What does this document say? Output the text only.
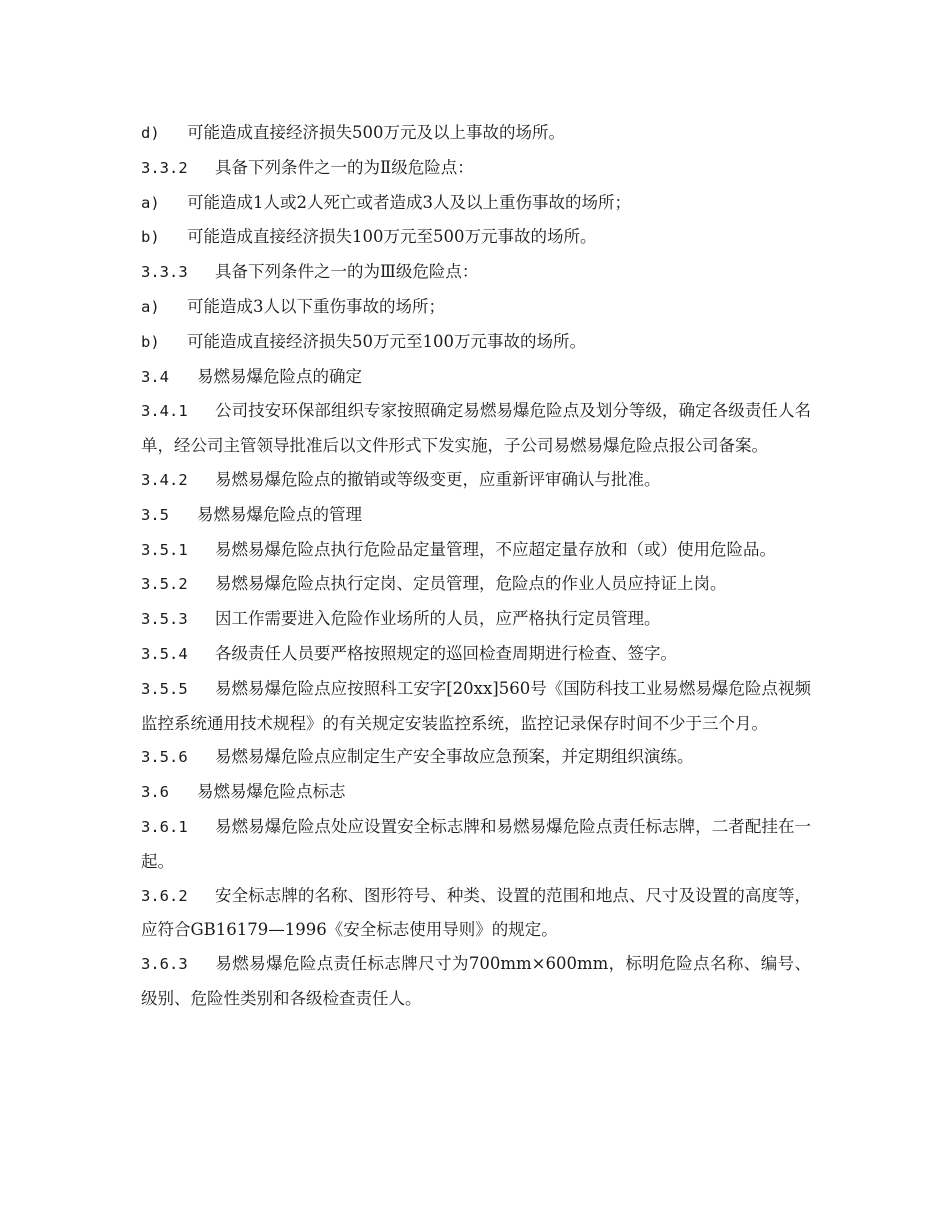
d) 可能造成直接经济损失500万元及以上事故的场所。

3.3.2 具备下列条件之一的为Ⅱ级危险点：

a) 可能造成1人或2人死亡或者造成3人及以上重伤事故的场所；

b) 可能造成直接经济损失100万元至500万元事故的场所。

3.3.3 具备下列条件之一的为Ⅲ级危险点：

a) 可能造成3人以下重伤事故的场所；

b) 可能造成直接经济损失50万元至100万元事故的场所。

3.4 易燃易爆危险点的确定

3.4.1 公司技安环保部组织专家按照确定易燃易爆危险点及划分等级，确定各级责任人名单，经公司主管领导批准后以文件形式下发实施，子公司易燃易爆危险点报公司备案。

3.4.2 易燃易爆危险点的撤销或等级变更，应重新评审确认与批准。

3.5 易燃易爆危险点的管理

3.5.1 易燃易爆危险点执行危险品定量管理，不应超定量存放和（或）使用危险品。

3.5.2 易燃易爆危险点执行定岗、定员管理，危险点的作业人员应持证上岗。

3.5.3 因工作需要进入危险作业场所的人员，应严格执行定员管理。

3.5.4 各级责任人员要严格按照规定的巡回检查周期进行检查、签字。

3.5.5 易燃易爆危险点应按照科工安字[20xx]560号《国防科技工业易燃易爆危险点视频监控系统通用技术规程》的有关规定安装监控系统，监控记录保存时间不少于三个月。

3.5.6 易燃易爆危险点应制定生产安全事故应急预案，并定期组织演练。

3.6 易燃易爆危险点标志

3.6.1 易燃易爆危险点处应设置安全标志牌和易燃易爆危险点责任标志牌，二者配挂在一起。

3.6.2 安全标志牌的名称、图形符号、种类、设置的范围和地点、尺寸及设置的高度等，应符合GB16179—1996《安全标志使用导则》的规定。

3.6.3 易燃易爆危险点责任标志牌尺寸为700mm×600mm，标明危险点名称、编号、级别、危险性类别和各级检查责任人。
